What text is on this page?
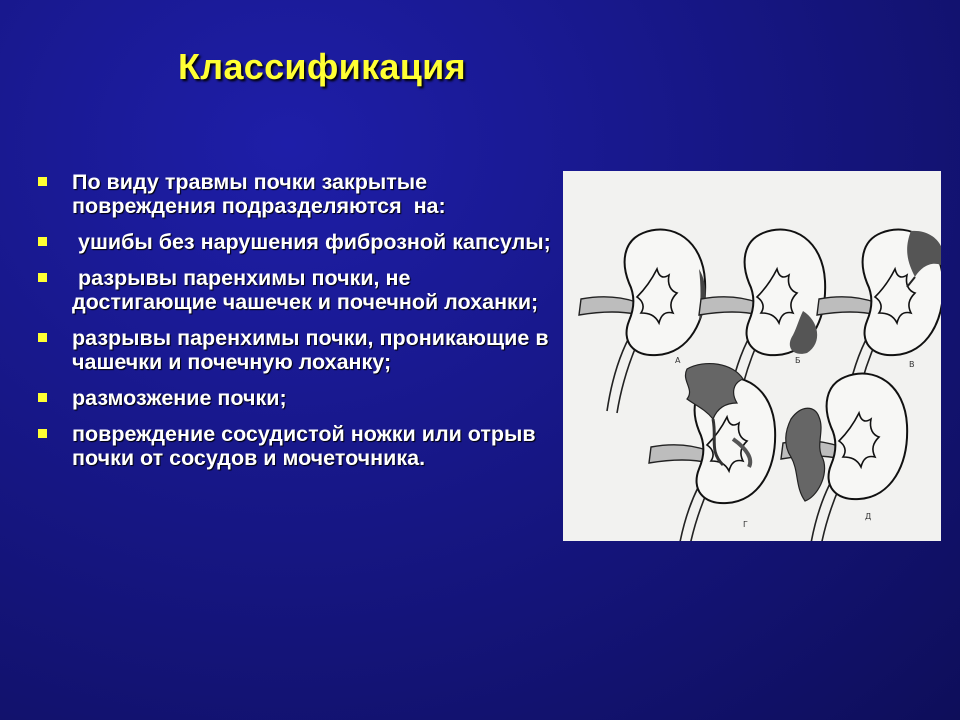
Классификация
По виду травмы почки закрытые повреждения подразделяются  на:
ушибы без нарушения фиброзной капсулы;
разрывы паренхимы почки, не достигающие чашечек и почечной лоханки;
разрывы паренхимы почки, проникающие в чашечки и почечную лоханку;
размозжение почки;
повреждение сосудистой ножки или отрыв почки от сосудов и мочеточника.
А	Б	В
Г
Д
